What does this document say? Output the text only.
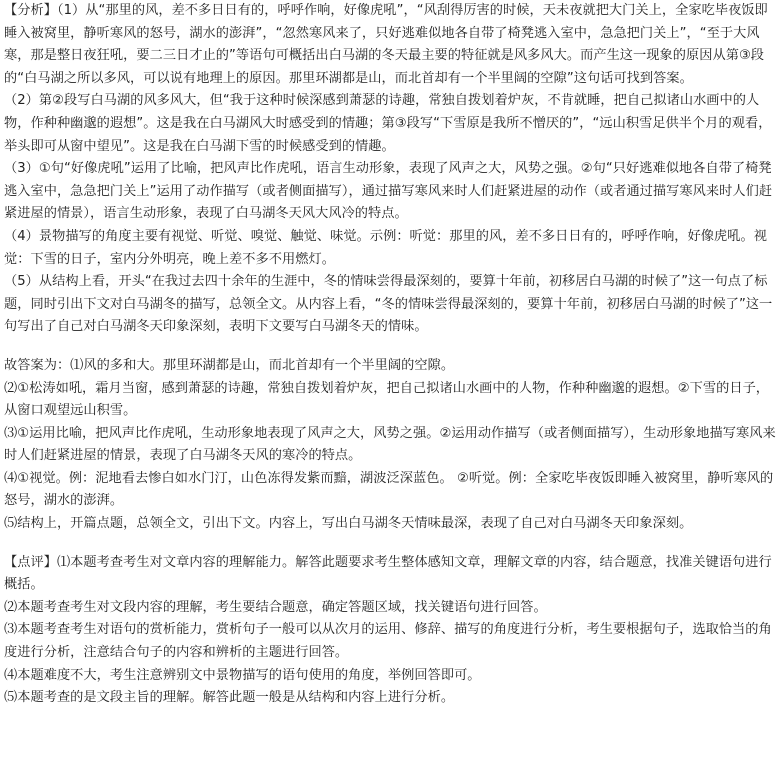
【分析】（1）从“那里的风，差不多日日有的，呼呼作响，好像虎吼”，“风刮得厉害的时候，天未夜就把大门关上，全家吃毕夜饭即睡入被窝里，静听寒风的怒号，湖水的澎湃”，“忽然寒风来了，只好逃难似地各自带了椅凳逃入室中，急急把门关上”，“至于大风寒，那是整日夜狂吼，要二三日才止的”等语句可概括出白马湖的冬天最主要的特征就是风多风大。而产生这一现象的原因从第③段的“白马湖之所以多风，可以说有地理上的原因。那里环湖都是山，而北首却有一个半里阔的空隙”这句话可找到答案。

（2）第②段写白马湖的风多风大，但“我于这种时候深感到萧瑟的诗趣，常独自拨划着炉灰，不肯就睡，把自己拟诸山水画中的人物，作种种幽邈的遐想”。这是我在白马湖风大时感受到的情趣；第③段写“下雪原是我所不憎厌的”，“远山积雪足供半个月的观看，举头即可从窗中望见”。这是我在白马湖下雪的时候感受到的情趣。

（3）①句“好像虎吼”运用了比喻，把风声比作虎吼，语言生动形象，表现了风声之大，风势之强。②句“只好逃难似地各自带了椅凳逃入室中，急急把门关上”运用了动作描写（或者侧面描写），通过描写寒风来时人们赶紧进屋的动作（或者通过描写寒风来时人们赶紧进屋的情景），语言生动形象，表现了白马湖冬天风大风冷的特点。

（4）景物描写的角度主要有视觉、听觉、嗅觉、触觉、味觉。示例：听觉：那里的风，差不多日日有的，呼呼作响，好像虎吼。视觉：下雪的日子，室内分外明亮，晚上差不多不用燃灯。

（5）从结构上看，开头“在我过去四十余年的生涯中，冬的情味尝得最深刻的，要算十年前，初移居白马湖的时候了”这一句点了标题，同时引出下文对白马湖冬的描写，总领全文。从内容上看，“冬的情味尝得最深刻的，要算十年前，初移居白马湖的时候了”这一句写出了自己对白马湖冬天印象深刻，表明下文要写白马湖冬天的情味。

故答案为：⑴风的多和大。那里环湖都是山，而北首却有一个半里阔的空隙。

⑵①松涛如吼，霜月当窗，感到萧瑟的诗趣，常独自拨划着炉灰，把自己拟诸山水画中的人物，作种种幽邈的遐想。②下雪的日子，从窗口观望远山积雪。

⑶①运用比喻，把风声比作虎吼，生动形象地表现了风声之大，风势之强。②运用动作描写（或者侧面描写），生动形象地描写寒风来时人们赶紧进屋的情景，表现了白马湖冬天风的寒冷的特点。

⑷①视觉。例：泥地看去惨白如水门汀，山色冻得发紫而黯，湖波泛深蓝色。 ②听觉。例：全家吃毕夜饭即睡入被窝里，静听寒风的怒号，湖水的澎湃。

⑸结构上，开篇点题，总领全文，引出下文。内容上，写出白马湖冬天情味最深，表现了自己对白马湖冬天印象深刻。

【点评】⑴本题考查考生对文章内容的理解能力。解答此题要求考生整体感知文章，理解文章的内容，结合题意，找准关键语句进行概括。

⑵本题考查考生对文段内容的理解，考生要结合题意，确定答题区域，找关键语句进行回答。

⑶本题考查考生对语句的赏析能力，赏析句子一般可以从次月的运用、修辞、描写的角度进行分析，考生要根据句子，选取恰当的角度进行分析，注意结合句子的内容和辨析的主题进行回答。

⑷本题难度不大，考生注意辨别文中景物描写的语句使用的角度，举例回答即可。

⑸本题考查的是文段主旨的理解。解答此题一般是从结构和内容上进行分析。
